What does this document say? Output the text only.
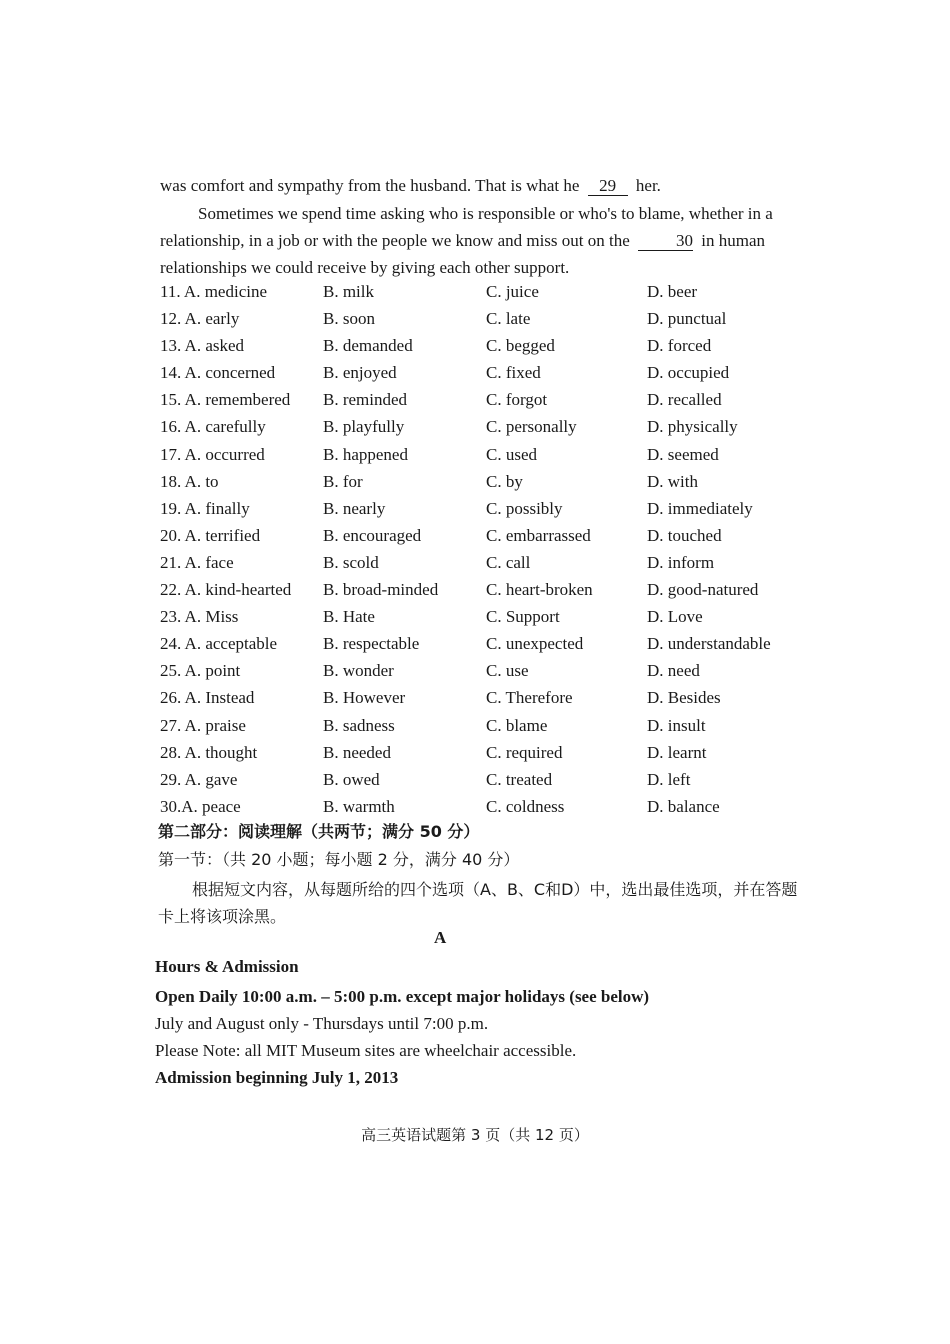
was comfort and sympathy from the husband. That is what he 29 her.
Sometimes we spend time asking who is responsible or who's to blame, whether in a relationship, in a job or with the people we know and miss out on the	30 in human relationships we could receive by giving each other support.
11. A. medicine	B. milk	C. juice	D. beer
12. A. early	B. soon	C. late	D. punctual
13. A. asked	B. demanded	C. begged	D. forced
14. A. concerned	B. enjoyed	C. fixed	D. occupied
15. A. remembered B. reminded	C. forgot	D. recalled
16. A. carefully	B. playfully	C. personally	D. physically
17. A. occurred	B. happened	C. used	D. seemed
18. A. to	B. for	C. by	D. with
19. A. finally	B. nearly	C. possibly	D. immediately
20. A. terrified	B. encouraged	C. embarrassed	D. touched
21. A. face	B. scold	C. call	D. inform
22. A. kind-hearted B. broad-minded	C. heart-broken	D. good-natured
23. A. Miss	B. Hate	C. Support	D. Love
24. A. acceptable	B. respectable	C. unexpected	D. understandable
25. A. point	B. wonder	C. use	D. need
26. A. Instead	B. However	C. Therefore	D. Besides
27. A. praise	B. sadness	C. blame	D. insult
28. A. thought	B. needed	C. required	D. learnt
29. A. gave	B. owed	C. treated	D. left
30.A. peace	B. warmth	C. coldness	D. balance
第二部分：阅读理解（共两节；满分 50 分）
第一节：（共 20 小题；每小题 2 分，满分 40 分）
根据短文内容，从每题所给的四个选项（A、B、C和D）中，选出最佳选项，并在答题卡上将该项涂黑。
A
Hours & Admission
Open Daily 10:00 a.m. – 5:00 p.m. except major holidays (see below)
July and August only - Thursdays until 7:00 p.m.
Please Note: all MIT Museum sites are wheelchair accessible.
Admission beginning July 1, 2013
高三英语试题第 3 页（共 12 页）
